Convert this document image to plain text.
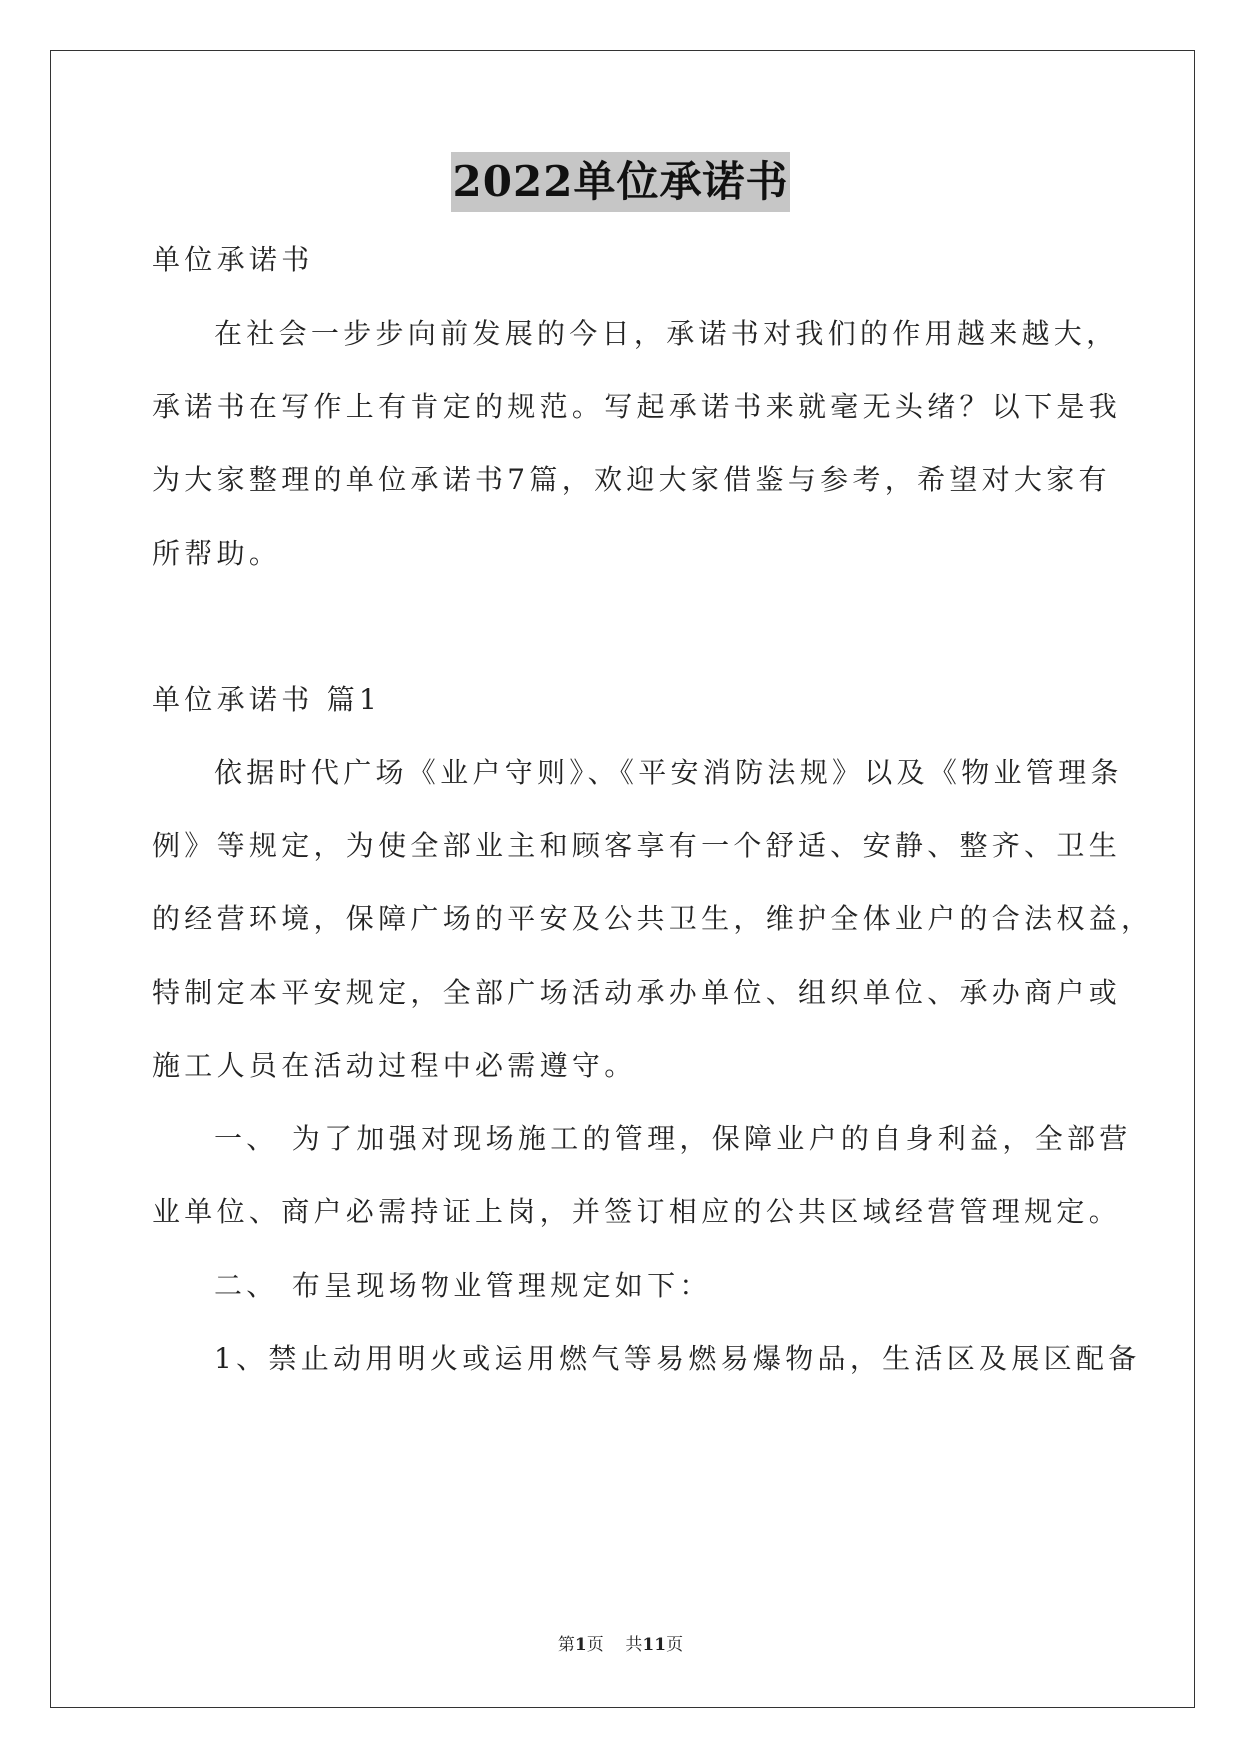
2022单位承诺书
单位承诺书
在社会一步步向前发展的今日，承诺书对我们的作用越来越大，
承诺书在写作上有肯定的规范。写起承诺书来就毫无头绪？以下是我
为大家整理的单位承诺书7篇，欢迎大家借鉴与参考，希望对大家有
所帮助。
单位承诺书 篇1
依据时代广场《业户守则》、《平安消防法规》以及《物业管理条
例》等规定，为使全部业主和顾客享有一个舒适、安静、整齐、卫生
的经营环境，保障广场的平安及公共卫生，维护全体业户的合法权益，
特制定本平安规定，全部广场活动承办单位、组织单位、承办商户或
施工人员在活动过程中必需遵守。
一、 为了加强对现场施工的管理，保障业户的自身利益，全部营
业单位、商户必需持证上岗，并签订相应的公共区域经营管理规定。
二、 布呈现场物业管理规定如下：
1、禁止动用明火或运用燃气等易燃易爆物品，生活区及展区配备
第1页 共11页
